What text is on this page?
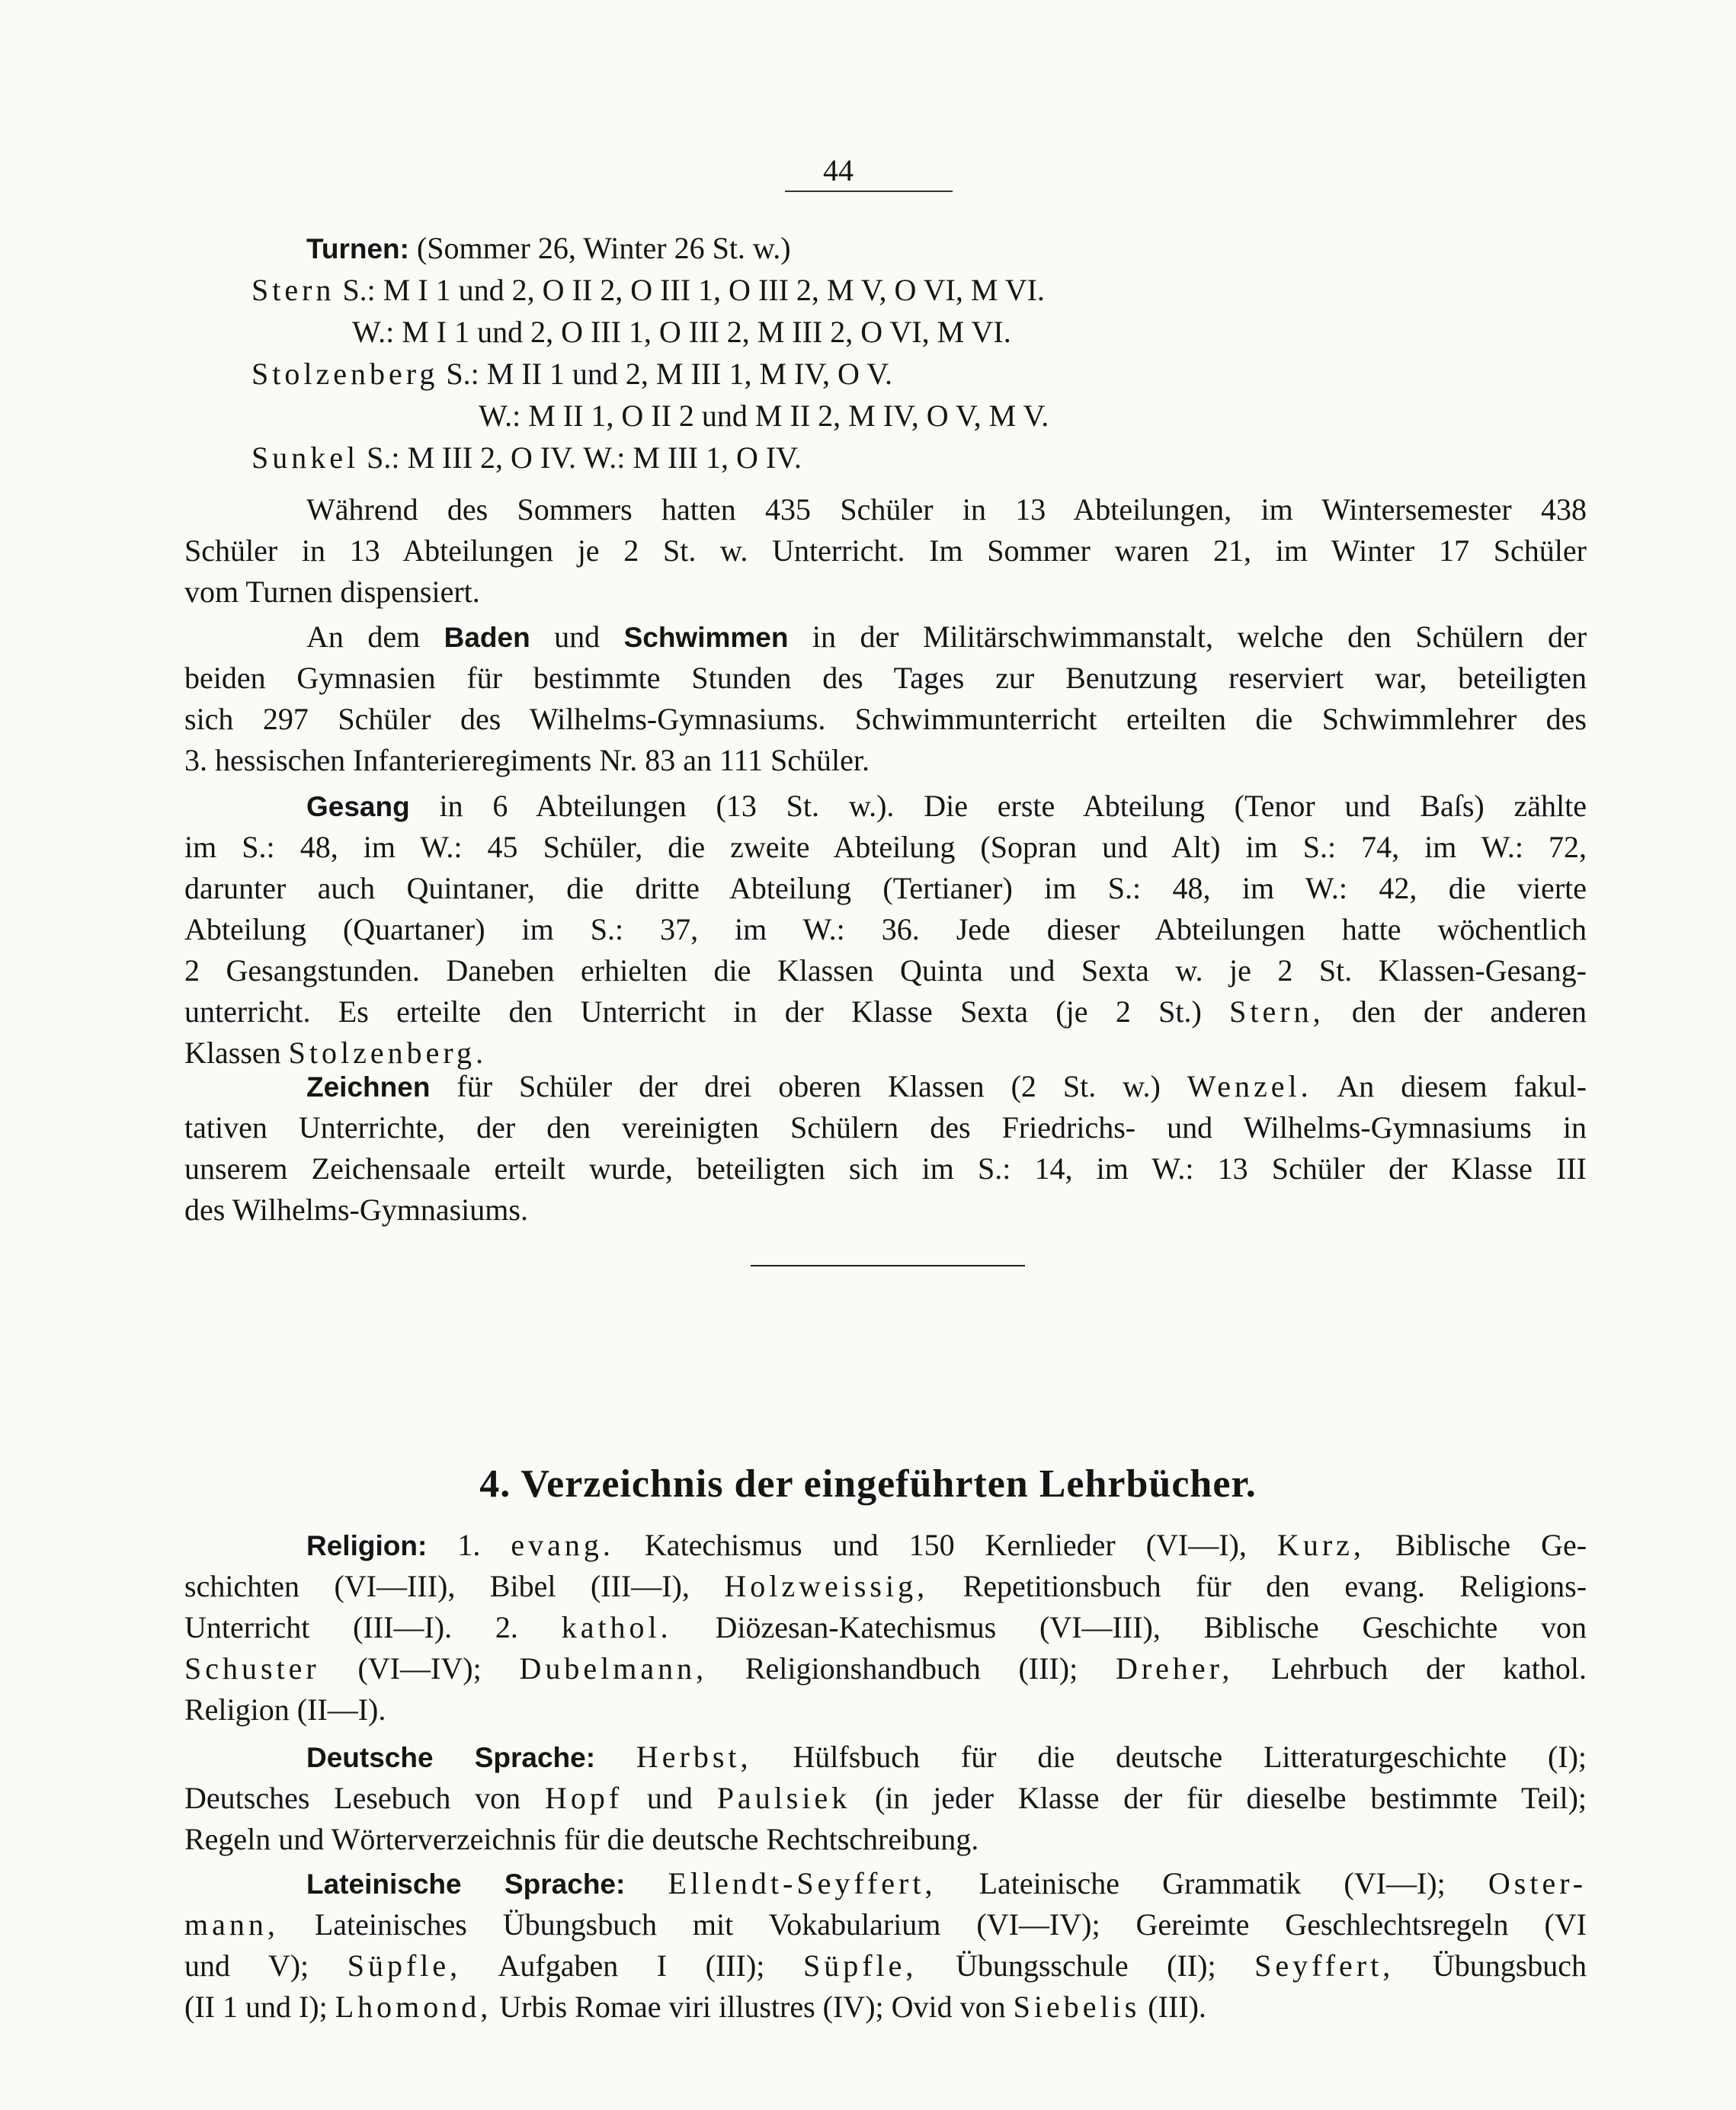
44
Turnen: (Sommer 26, Winter 26 St. w.)
Stern S.: M I 1 und 2, O II 2, O III 1, O III 2, M V, O VI, M VI.
W.: M I 1 und 2, O III 1, O III 2, M III 2, O VI, M VI.
Stolzenberg S.: M II 1 und 2, M III 1, M IV, O V.
W.: M II 1, O II 2 und M II 2, M IV, O V, M V.
Sunkel S.: M III 2, O IV. W.: M III 1, O IV.
Während des Sommers hatten 435 Schüler in 13 Abteilungen, im Wintersemester 438
Schüler in 13 Abteilungen je 2 St. w. Unterricht. Im Sommer waren 21, im Winter 17 Schüler
vom Turnen dispensiert.
An dem Baden und Schwimmen in der Militärschwimmanstalt, welche den Schülern der
beiden Gymnasien für bestimmte Stunden des Tages zur Benutzung reserviert war, beteiligten
sich 297 Schüler des Wilhelms-Gymnasiums. Schwimmunterricht erteilten die Schwimmlehrer des
3. hessischen Infanterieregiments Nr. 83 an 111 Schüler.
Gesang in 6 Abteilungen (13 St. w.). Die erste Abteilung (Tenor und Baſs) zählte
im S.: 48, im W.: 45 Schüler, die zweite Abteilung (Sopran und Alt) im S.: 74, im W.: 72,
darunter auch Quintaner, die dritte Abteilung (Tertianer) im S.: 48, im W.: 42, die vierte
Abteilung (Quartaner) im S.: 37, im W.: 36. Jede dieser Abteilungen hatte wöchentlich
2 Gesangstunden. Daneben erhielten die Klassen Quinta und Sexta w. je 2 St. Klassen-Gesang-
unterricht. Es erteilte den Unterricht in der Klasse Sexta (je 2 St.) Stern, den der anderen
Klassen Stolzenberg.
Zeichnen für Schüler der drei oberen Klassen (2 St. w.) Wenzel. An diesem fakul-
tativen Unterrichte, der den vereinigten Schülern des Friedrichs- und Wilhelms-Gymnasiums in
unserem Zeichensaale erteilt wurde, beteiligten sich im S.: 14, im W.: 13 Schüler der Klasse III
des Wilhelms-Gymnasiums.
4. Verzeichnis der eingeführten Lehrbücher.
Religion: 1. evang. Katechismus und 150 Kernlieder (VI—I), Kurz, Biblische Ge-
schichten (VI—III), Bibel (III—I), Holzweissig, Repetitionsbuch für den evang. Religions-
Unterricht (III—I). 2. kathol. Diözesan-Katechismus (VI—III), Biblische Geschichte von
Schuster (VI—IV); Dubelmann, Religionshandbuch (III); Dreher, Lehrbuch der kathol.
Religion (II—I).
Deutsche Sprache: Herbst, Hülfsbuch für die deutsche Litteraturgeschichte (I);
Deutsches Lesebuch von Hopf und Paulsiek (in jeder Klasse der für dieselbe bestimmte Teil);
Regeln und Wörterverzeichnis für die deutsche Rechtschreibung.
Lateinische Sprache: Ellendt-Seyffert, Lateinische Grammatik (VI—I); Oster-
mann, Lateinisches Übungsbuch mit Vokabularium (VI—IV); Gereimte Geschlechtsregeln (VI
und V); Süpfle, Aufgaben I (III); Süpfle, Übungsschule (II); Seyffert, Übungsbuch
(II 1 und I); Lhomond, Urbis Romae viri illustres (IV); Ovid von Siebelis (III).
